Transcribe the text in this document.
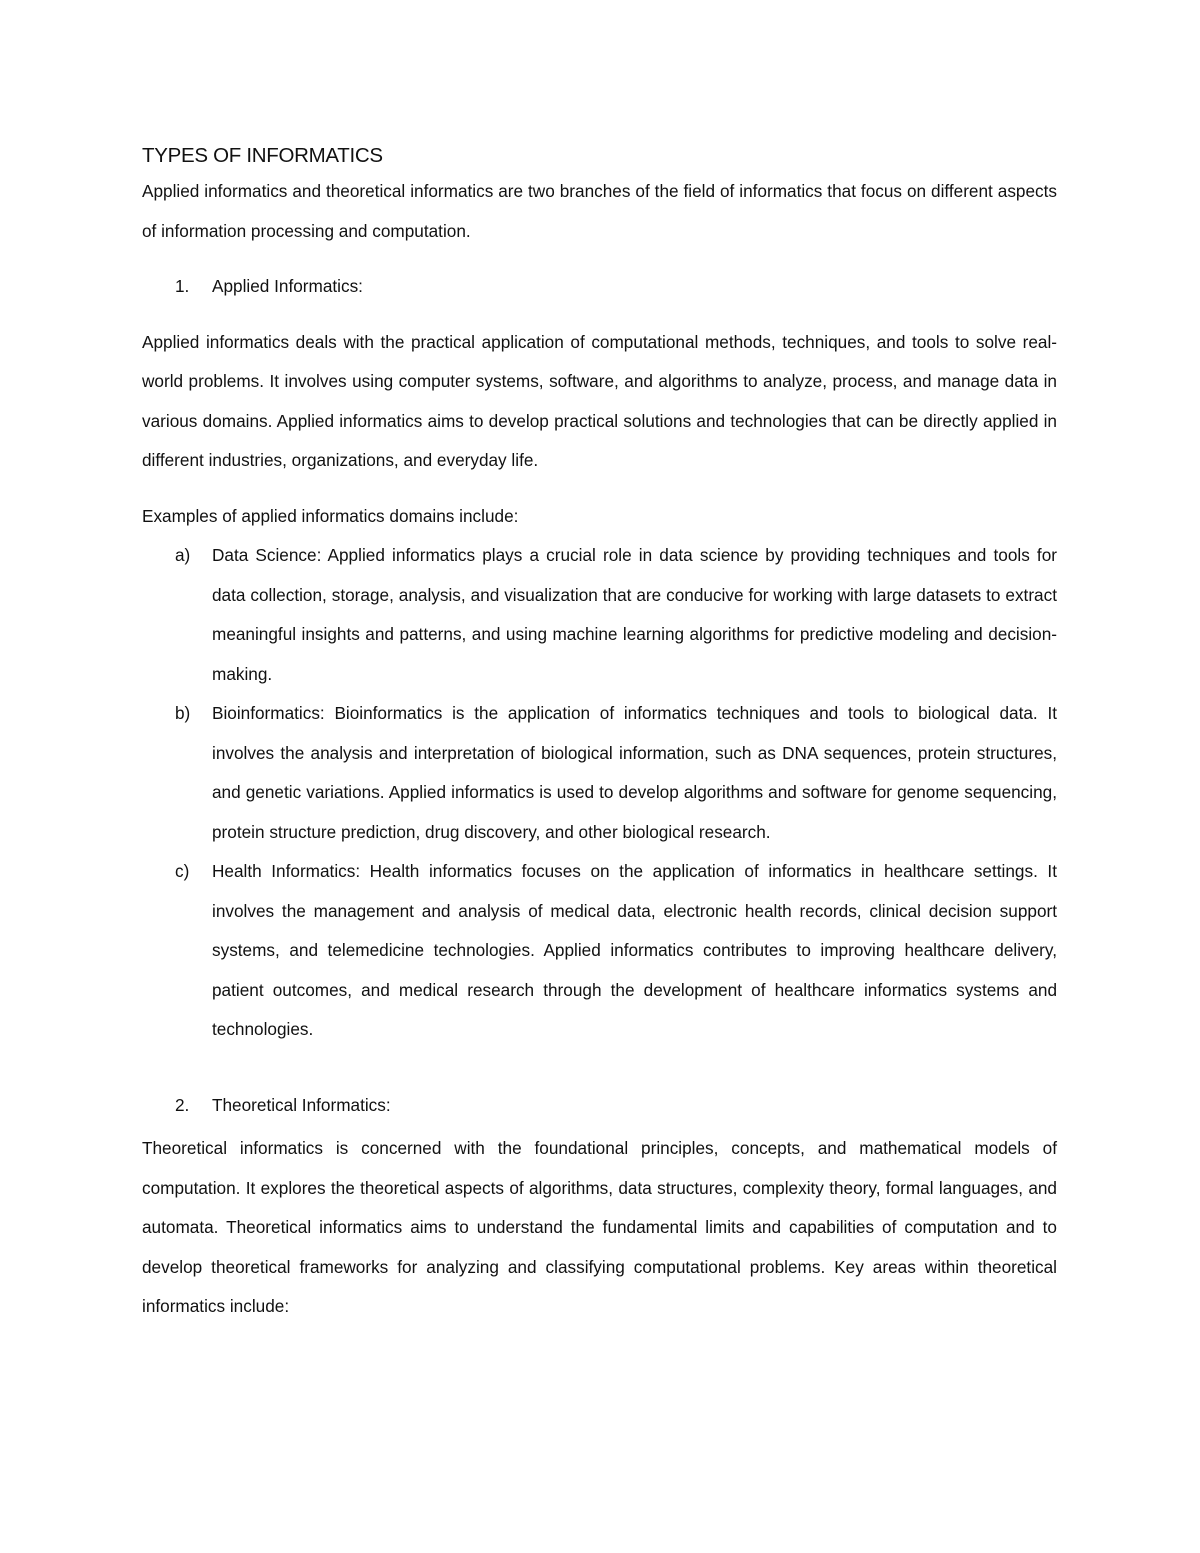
TYPES OF INFORMATICS

Applied informatics and theoretical informatics are two branches of the field of informatics that focus on different aspects of information processing and computation.

1. Applied Informatics:

Applied informatics deals with the practical application of computational methods, techniques, and tools to solve real-world problems. It involves using computer systems, software, and algorithms to analyze, process, and manage data in various domains. Applied informatics aims to develop practical solutions and technologies that can be directly applied in different industries, organizations, and everyday life.

Examples of applied informatics domains include:

a) Data Science: Applied informatics plays a crucial role in data science by providing techniques and tools for data collection, storage, analysis, and visualization that are conducive for working with large datasets to extract meaningful insights and patterns, and using machine learning algorithms for predictive modeling and decision-making.
b) Bioinformatics: Bioinformatics is the application of informatics techniques and tools to biological data. It involves the analysis and interpretation of biological information, such as DNA sequences, protein structures, and genetic variations. Applied informatics is used to develop algorithms and software for genome sequencing, protein structure prediction, drug discovery, and other biological research.
c) Health Informatics: Health informatics focuses on the application of informatics in healthcare settings. It involves the management and analysis of medical data, electronic health records, clinical decision support systems, and telemedicine technologies. Applied informatics contributes to improving healthcare delivery, patient outcomes, and medical research through the development of healthcare informatics systems and technologies.
2. Theoretical Informatics:

Theoretical informatics is concerned with the foundational principles, concepts, and mathematical models of computation. It explores the theoretical aspects of algorithms, data structures, complexity theory, formal languages, and automata. Theoretical informatics aims to understand the fundamental limits and capabilities of computation and to develop theoretical frameworks for analyzing and classifying computational problems. Key areas within theoretical informatics include:
